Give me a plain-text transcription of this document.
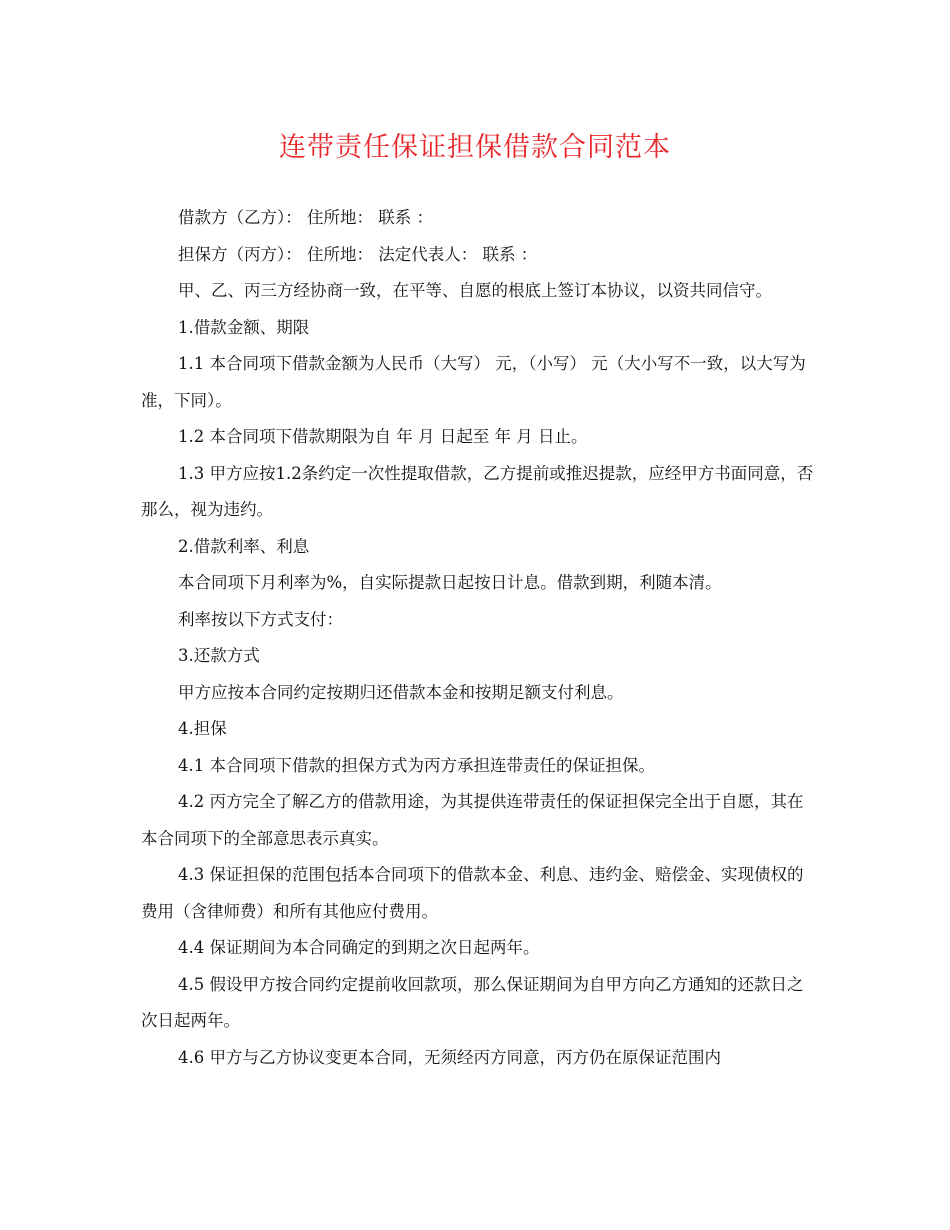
连带责任保证担保借款合同范本

借款方（乙方）： 住所地： 联系 ：

担保方（丙方）： 住所地： 法定代表人： 联系 ：

甲、乙、丙三方经协商一致，在平等、自愿的根底上签订本协议，以资共同信守。

1.借款金额、期限

1.1 本合同项下借款金额为人民币（大写） 元，（小写） 元（大小写不一致，以大写为准，下同）。

1.2 本合同项下借款期限为自 年 月 日起至 年 月 日止。

1.3 甲方应按1.2条约定一次性提取借款，乙方提前或推迟提款，应经甲方书面同意，否那么，视为违约。

2.借款利率、利息

本合同项下月利率为%，自实际提款日起按日计息。借款到期，利随本清。

利率按以下方式支付：

3.还款方式

甲方应按本合同约定按期归还借款本金和按期足额支付利息。

4.担保

4.1 本合同项下借款的担保方式为丙方承担连带责任的保证担保。

4.2 丙方完全了解乙方的借款用途，为其提供连带责任的保证担保完全出于自愿，其在本合同项下的全部意思表示真实。

4.3 保证担保的范围包括本合同项下的借款本金、利息、违约金、赔偿金、实现债权的费用（含律师费）和所有其他应付费用。

4.4 保证期间为本合同确定的到期之次日起两年。

4.5 假设甲方按合同约定提前收回款项，那么保证期间为自甲方向乙方通知的还款日之次日起两年。

4.6 甲方与乙方协议变更本合同，无须经丙方同意，丙方仍在原保证范围内
